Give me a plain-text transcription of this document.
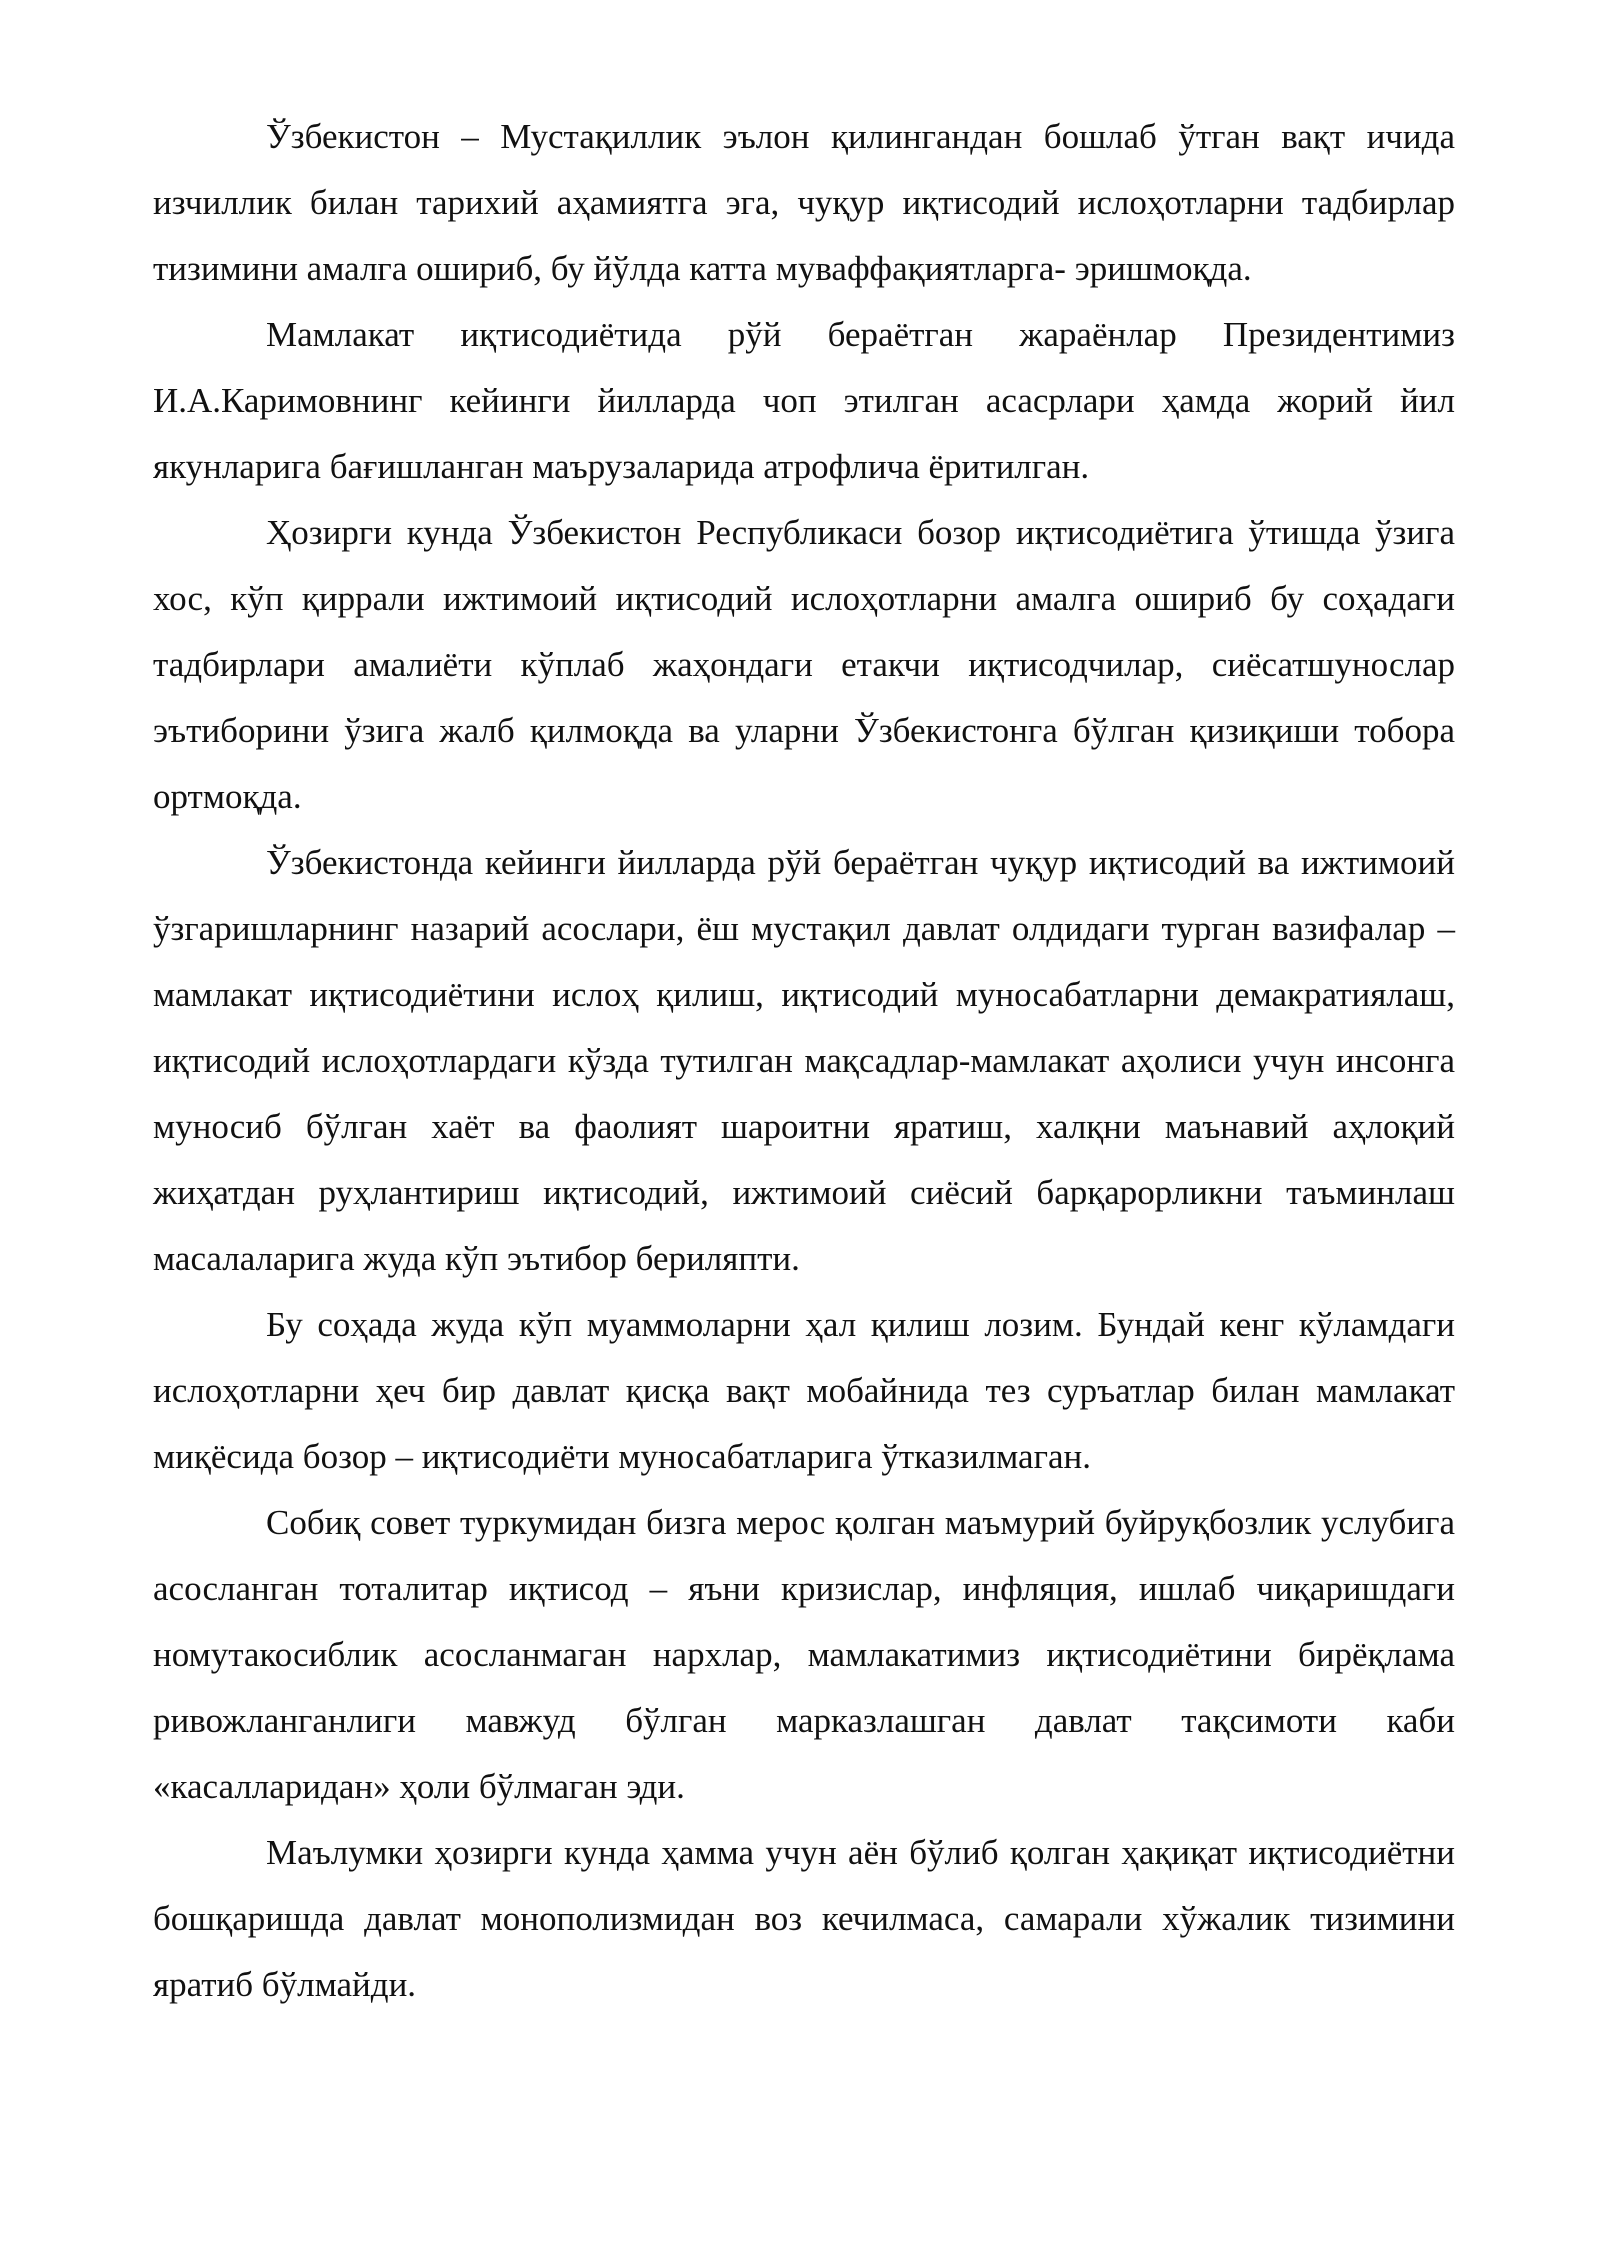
Ўзбекистон – Мустақиллик эълон қилингандан бошлаб ўтган вақт ичида изчиллик билан тарихий аҳамиятга эга, чуқур иқтисодий ислоҳотларни тадбирлар тизимини амалга ошириб, бу йўлда катта муваффақиятларга- эришмоқда.

Мамлакат иқтисодиётида рўй бераётган жараёнлар Президентимиз И.А.Каримовнинг кейинги йилларда чоп этилган асасрлари ҳамда жорий йил якунларига бағишланган маърузаларида атрофлича ёритилган.

Ҳозирги кунда Ўзбекистон Республикаси бозор иқтисодиётига ўтишда ўзига хос, кўп қиррали ижтимоий иқтисодий ислоҳотларни амалга ошириб бу соҳадаги тадбирлари амалиёти кўплаб жаҳондаги етакчи иқтисодчилар, сиёсатшунослар эътиборини ўзига жалб қилмоқда ва уларни Ўзбекистонга бўлган қизиқиши тобора ортмоқда.

Ўзбекистонда кейинги йилларда рўй бераётган чуқур иқтисодий ва ижтимоий ўзгаришларнинг назарий асослари, ёш мустақил давлат олдидаги турган вазифалар – мамлакат иқтисодиётини ислоҳ қилиш, иқтисодий муносабатларни демакратиялаш, иқтисодий ислоҳотлардаги кўзда тутилган мақсадлар-мамлакат аҳолиси учун инсонга муносиб бўлган хаёт ва фаолият шароитни яратиш, халқни маънавий аҳлоқий жиҳатдан руҳлантириш иқтисодий, ижтимоий сиёсий барқарорликни таъминлаш масалаларига жуда кўп эътибор бериляпти.

Бу соҳада жуда кўп муаммоларни ҳал қилиш лозим. Бундай кенг кўламдаги ислоҳотларни ҳеч бир давлат қисқа вақт мобайнида тез суръатлар билан мамлакат миқёсида бозор – иқтисодиёти муносабатларига ўтказилмаган.

Собиқ совет туркумидан бизга мерос қолган маъмурий буйруқбозлик услубига асосланган тоталитар иқтисод – яъни кризислар, инфляция, ишлаб чиқаришдаги номутакосиблик асосланмаган нархлар, мамлакатимиз иқтисодиётини бирёқлама ривожланганлиги мавжуд бўлган марказлашган давлат тақсимоти каби «касалларидан» ҳоли бўлмаган эди.

Маълумки ҳозирги кунда ҳамма учун аён бўлиб қолган ҳақиқат иқтисодиётни бошқаришда давлат монополизмидан воз кечилмаса, самарали хўжалик тизимини яратиб бўлмайди.
